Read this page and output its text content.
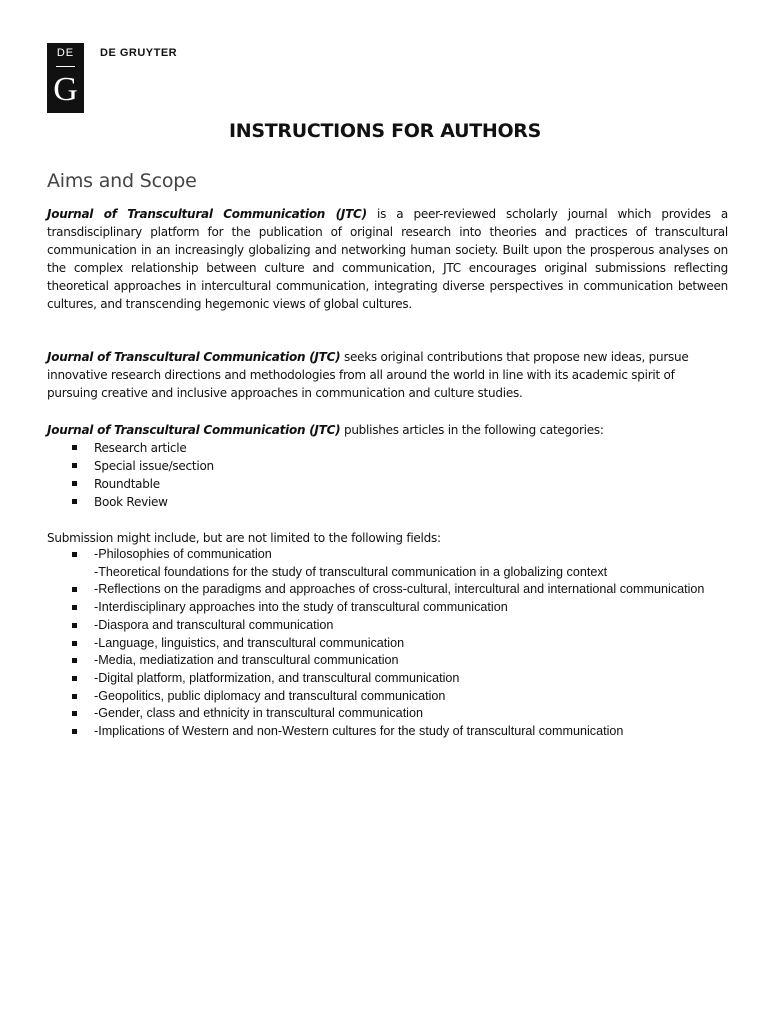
DE
G
DE GRUYTER
INSTRUCTIONS FOR AUTHORS
Aims and Scope
Journal of Transcultural Communication (JTC) is a peer-reviewed scholarly journal which provides a transdisciplinary platform for the publication of original research into theories and practices of transcultural communication in an increasingly globalizing and networking human society. Built upon the prosperous analyses on the complex relationship between culture and communication, JTC encourages original submissions reflecting theoretical approaches in intercultural communication, integrating diverse perspectives in communication between cultures, and transcending hegemonic views of global cultures.
Journal of Transcultural Communication (JTC) seeks original contributions that propose new ideas, pursue innovative research directions and methodologies from all around the world in line with its academic spirit of pursuing creative and inclusive approaches in communication and culture studies.
Journal of Transcultural Communication (JTC) publishes articles in the following categories:
Research article
Special issue/section
Roundtable
Book Review
Submission might include, but are not limited to the following fields:
-Philosophies of communication
-Theoretical foundations for the study of transcultural communication in a globalizing context
-Reflections on the paradigms and approaches of cross-cultural, intercultural and international communication
-Interdisciplinary approaches into the study of transcultural communication
-Diaspora and transcultural communication
-Language, linguistics, and transcultural communication
-Media, mediatization and transcultural communication
-Digital platform, platformization, and transcultural communication
-Geopolitics, public diplomacy and transcultural communication
-Gender, class and ethnicity in transcultural communication
-Implications of Western and non-Western cultures for the study of transcultural communication
